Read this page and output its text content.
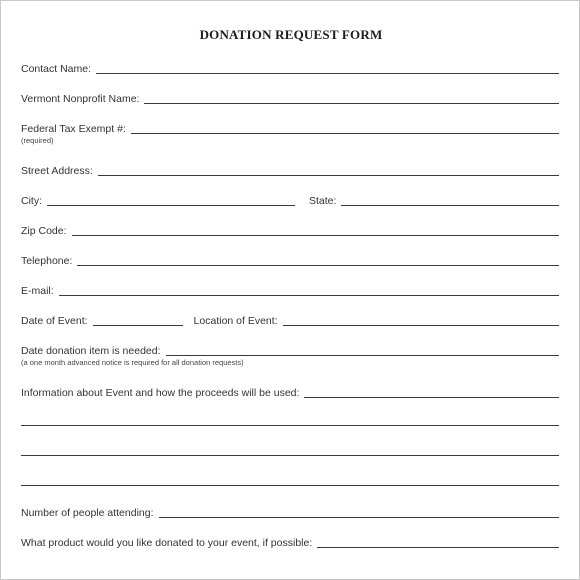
DONATION REQUEST FORM
Contact Name:
Vermont Nonprofit Name:
Federal Tax Exempt #:
(required)
Street Address:
City:	State:
Zip Code:
Telephone:
E-mail:
Date of Event:	Location of Event:
Date donation item is needed:
(a one month advanced notice is required for all donation requests)
Information about Event and how the proceeds will be used:
Number of people attending:
What product would you like donated to your event, if possible:
